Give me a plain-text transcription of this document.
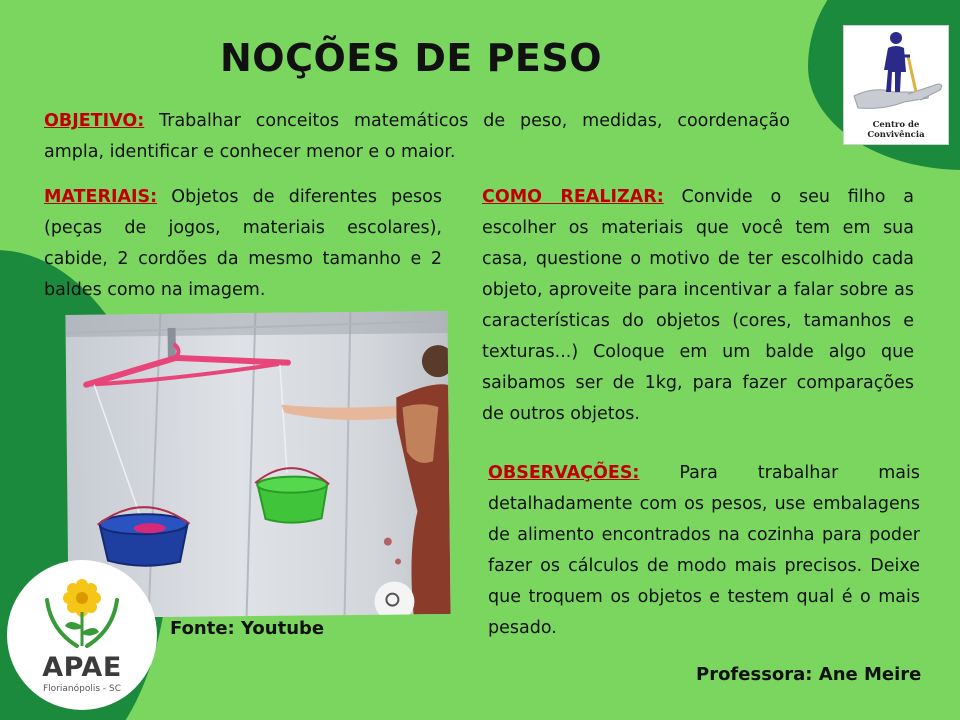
NOÇÕES DE PESO

OBJETIVO: Trabalhar conceitos matemáticos de peso, medidas, coordenação ampla, identificar e conhecer menor e o maior.

MATERIAIS: Objetos de diferentes pesos (peças de jogos, materiais escolares), cabide, 2 cordões da mesmo tamanho e 2 baldes como na imagem.

COMO REALIZAR: Convide o seu filho a escolher os materiais que você tem em sua casa, questione o motivo de ter escolhido cada objeto, aproveite para incentivar a falar sobre as características do objetos (cores, tamanhos e texturas...) Coloque em um balde algo que saibamos ser de 1kg, para fazer comparações de outros objetos.

OBSERVAÇÕES: Para trabalhar mais detalhadamente com os pesos, use embalagens de alimento encontrados na cozinha para poder fazer os cálculos de modo mais precisos. Deixe que troquem os objetos e testem qual é o mais pesado.

Centro de Convivência
Fonte: Youtube
APAE
Florianópolis - SC
Professora: Ane Meire
